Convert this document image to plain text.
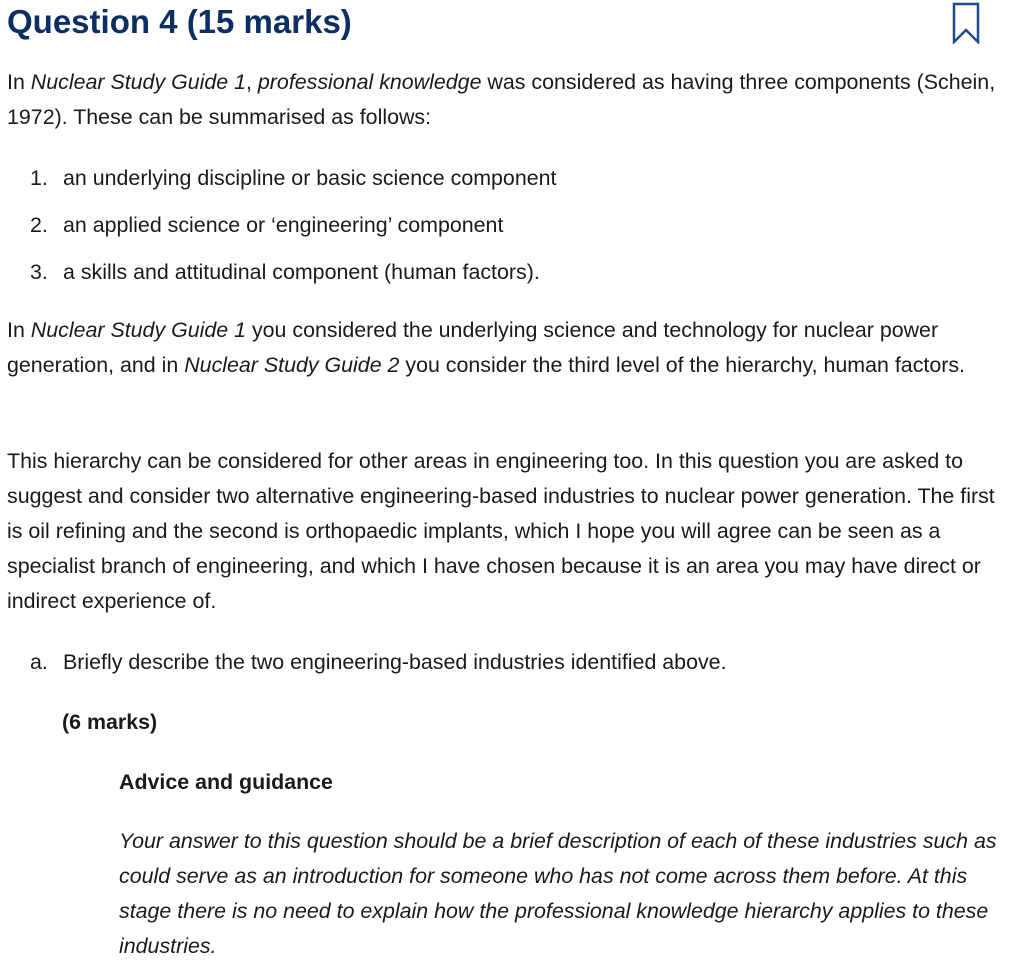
Question 4 (15 marks)

In Nuclear Study Guide 1, professional knowledge was considered as having three components (Schein, 1972). These can be summarised as follows:

1. an underlying discipline or basic science component
2. an applied science or ‘engineering’ component
3. a skills and attitudinal component (human factors).

In Nuclear Study Guide 1 you considered the underlying science and technology for nuclear power generation, and in Nuclear Study Guide 2 you consider the third level of the hierarchy, human factors.

This hierarchy can be considered for other areas in engineering too. In this question you are asked to suggest and consider two alternative engineering-based industries to nuclear power generation. The first is oil refining and the second is orthopaedic implants, which I hope you will agree can be seen as a specialist branch of engineering, and which I have chosen because it is an area you may have direct or indirect experience of.

a. Briefly describe the two engineering-based industries identified above.
(6 marks)
Advice and guidance

Your answer to this question should be a brief description of each of these industries such as could serve as an introduction for someone who has not come across them before. At this stage there is no need to explain how the professional knowledge hierarchy applies to these industries.
